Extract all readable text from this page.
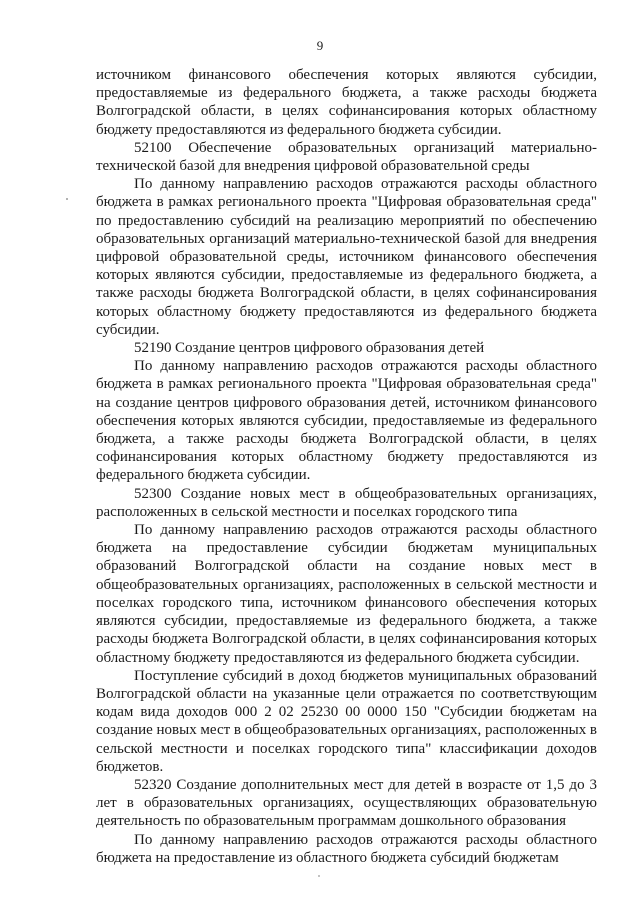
9

источником финансового обеспечения которых являются субсидии, предоставляемые из федерального бюджета, а также расходы бюджета Волгоградской области, в целях софинансирования которых областному бюджету предоставляются из федерального бюджета субсидии.

52100 Обеспечение образовательных организаций материально-технической базой для внедрения цифровой образовательной среды

По данному направлению расходов отражаются расходы областного бюджета в рамках регионального проекта "Цифровая образовательная среда" по предоставлению субсидий на реализацию мероприятий по обеспечению образовательных организаций материально-технической базой для внедрения цифровой образовательной среды, источником финансового обеспечения которых являются субсидии, предоставляемые из федерального бюджета, а также расходы бюджета Волгоградской области, в целях софинансирования которых областному бюджету предоставляются из федерального бюджета субсидии.

52190 Создание центров цифрового образования детей

По данному направлению расходов отражаются расходы областного бюджета в рамках регионального проекта "Цифровая образовательная среда" на создание центров цифрового образования детей, источником финансового обеспечения которых являются субсидии, предоставляемые из федерального бюджета, а также расходы бюджета Волгоградской области, в целях софинансирования которых областному бюджету предоставляются из федерального бюджета субсидии.

52300 Создание новых мест в общеобразовательных организациях, расположенных в сельской местности и поселках городского типа

По данному направлению расходов отражаются расходы областного бюджета на предоставление субсидии бюджетам муниципальных образований Волгоградской области на создание новых мест в общеобразовательных организациях, расположенных в сельской местности и поселках городского типа, источником финансового обеспечения которых являются субсидии, предоставляемые из федерального бюджета, а также расходы бюджета Волгоградской области, в целях софинансирования которых областному бюджету предоставляются из федерального бюджета субсидии.

Поступление субсидий в доход бюджетов муниципальных образований Волгоградской области на указанные цели отражается по соответствующим кодам вида доходов 000 2 02 25230 00 0000 150 "Субсидии бюджетам на создание новых мест в общеобразовательных организациях, расположенных в сельской местности и поселках городского типа" классификации доходов бюджетов.

52320 Создание дополнительных мест для детей в возрасте от 1,5 до 3 лет в образовательных организациях, осуществляющих образовательную деятельность по образовательным программам дошкольного образования

По данному направлению расходов отражаются расходы областного бюджета на предоставление из областного бюджета субсидий бюджетам
